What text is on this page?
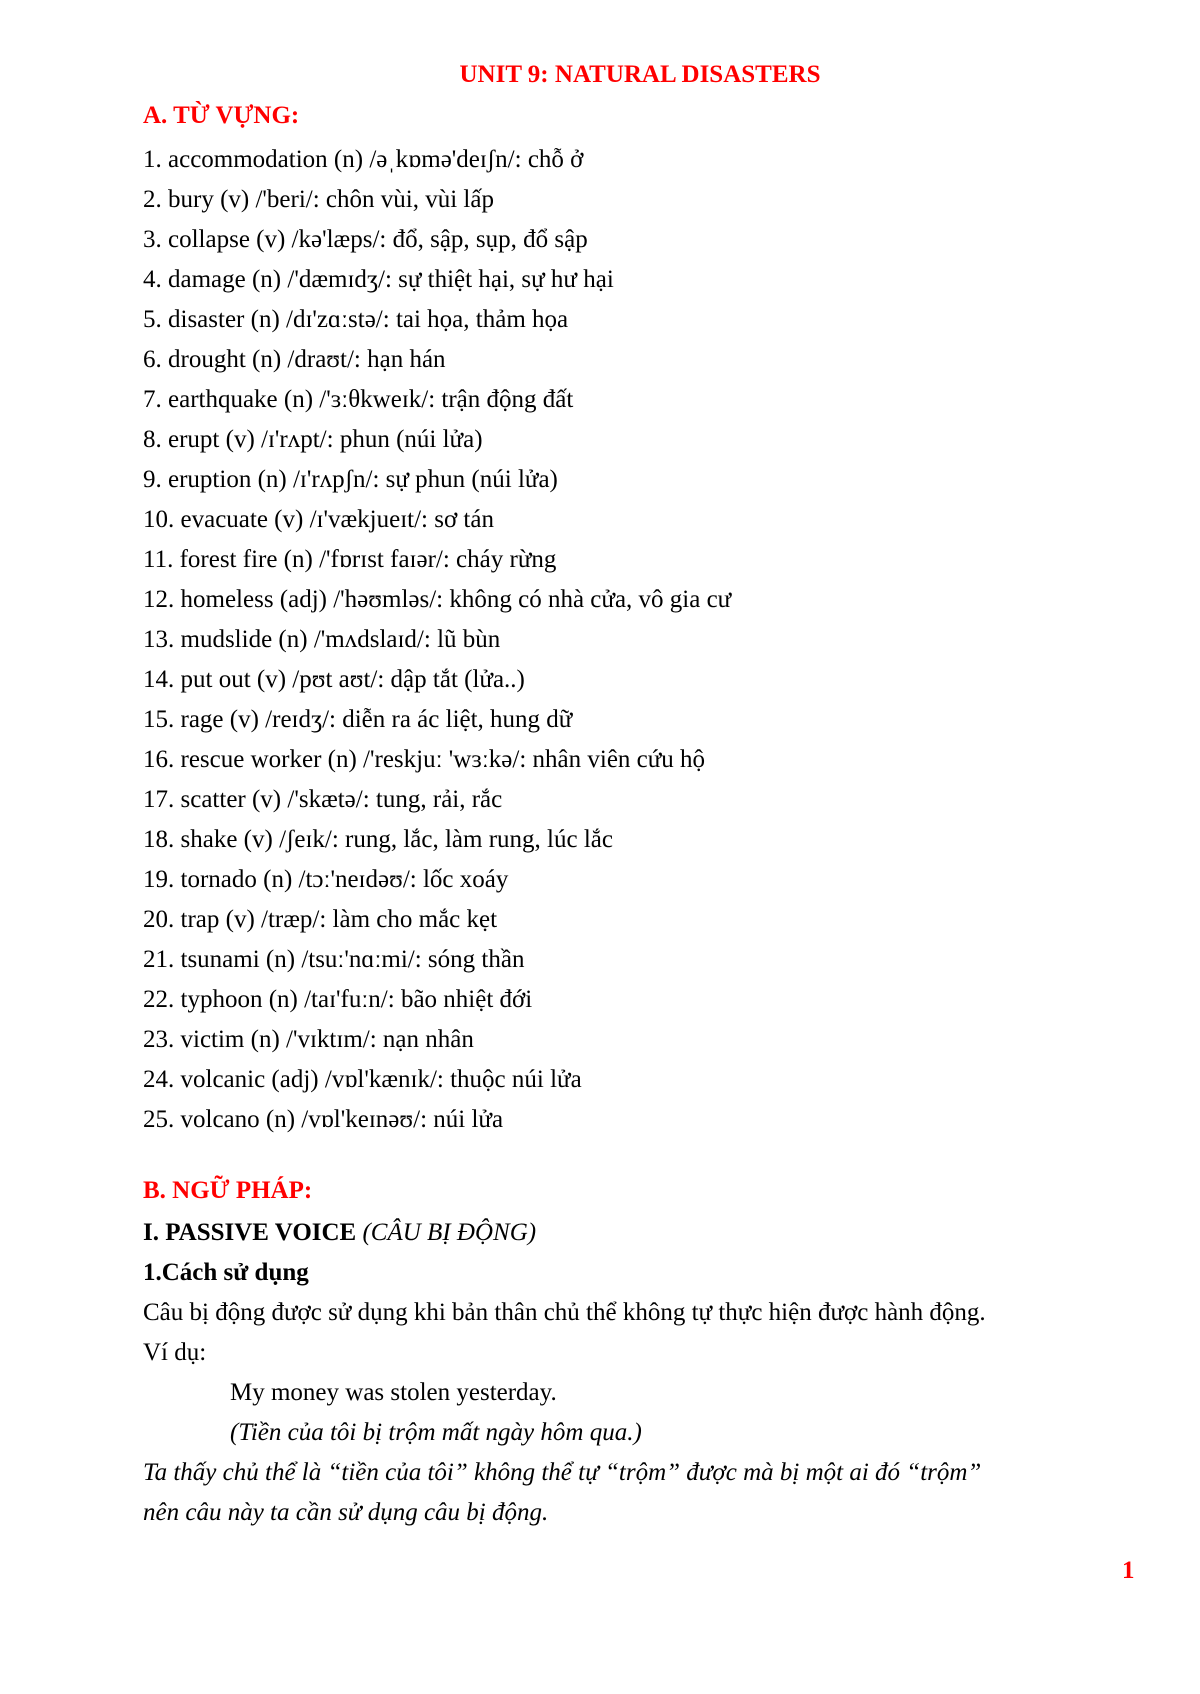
UNIT 9: NATURAL DISASTERS
A. TỪ VỰNG:
1. accommodation (n) /əˌkɒmə'deɪʃn/: chỗ ở
2. bury (v) /'beri/: chôn vùi, vùi lấp
3. collapse (v) /kə'læps/: đổ, sập, sụp, đổ sập
4. damage (n) /'dæmɪdʒ/: sự thiệt hại, sự hư hại
5. disaster (n) /dɪ'zɑːstə/: tai họa, thảm họa
6. drought (n) /draʊt/: hạn hán
7. earthquake (n) /'ɜːθkweɪk/: trận động đất
8. erupt (v) /ɪ'rʌpt/: phun (núi lửa)
9. eruption (n) /ɪ'rʌpʃn/: sự phun (núi lửa)
10. evacuate (v) /ɪ'vækjueɪt/: sơ tán
11. forest fire (n) /'fɒrɪst faɪər/: cháy rừng
12. homeless (adj) /'həʊmləs/: không có nhà cửa, vô gia cư
13. mudslide (n) /'mʌdslaɪd/: lũ bùn
14. put out (v) /pʊt aʊt/: dập tắt (lửa..)
15. rage (v) /reɪdʒ/: diễn ra ác liệt, hung dữ
16. rescue worker (n) /'reskjuː 'wɜːkə/: nhân viên cứu hộ
17. scatter (v) /'skætə/: tung, rải, rắc
18. shake (v) /ʃeɪk/: rung, lắc, làm rung, lúc lắc
19. tornado (n) /tɔː'neɪdəʊ/: lốc xoáy
20. trap (v) /træp/: làm cho mắc kẹt
21. tsunami (n) /tsuː'nɑːmi/: sóng thần
22. typhoon (n) /taɪ'fuːn/: bão nhiệt đới
23. victim (n) /'vɪktɪm/: nạn nhân
24. volcanic (adj) /vɒl'kænɪk/: thuộc núi lửa
25. volcano (n) /vɒl'keɪnəʊ/: núi lửa
B. NGỮ PHÁP:
I. PASSIVE VOICE (CÂU BỊ ĐỘNG)
1.Cách sử dụng
Câu bị động được sử dụng khi bản thân chủ thể không tự thực hiện được hành động.
Ví dụ:
My money was stolen yesterday.
(Tiền của tôi bị trộm mất ngày hôm qua.)
Ta thấy chủ thể là “tiền của tôi” không thể tự “trộm” được mà bị một ai đó “trộm”
nên câu này ta cần sử dụng câu bị động.
1
